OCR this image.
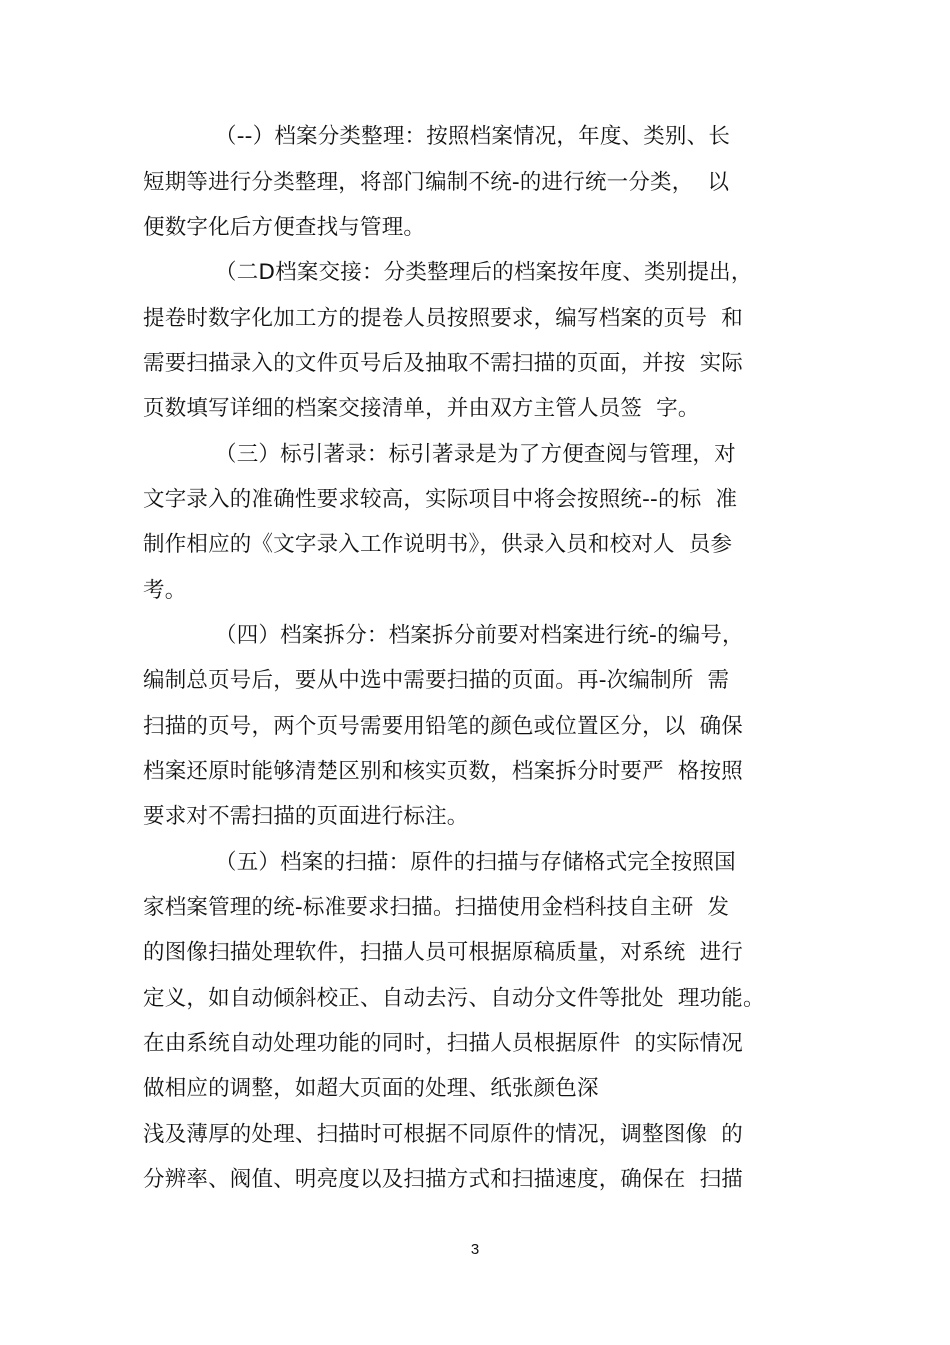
（--）档案分类整理：按照档案情况，年度、类别、长

短期等进行分类整理，将部门编制不统-的进行统一分类，  以

便数字化后方便查找与管理。

（二D档案交接：分类整理后的档案按年度、类别提出，

提卷时数字化加工方的提卷人员按照要求，编写档案的页号  和

需要扫描录入的文件页号后及抽取不需扫描的页面，并按  实际

页数填写详细的档案交接清单，并由双方主管人员签  字。

（三）标引著录：标引著录是为了方便查阅与管理，对

文字录入的准确性要求较高，实际项目中将会按照统--的标  准

制作相应的《文字录入工作说明书》，供录入员和校对人  员参

考。

（四）档案拆分：档案拆分前要对档案进行统-的编号，

编制总页号后，要从中选中需要扫描的页面。再-次编制所  需

扫描的页号，两个页号需要用铅笔的颜色或位置区分，以  确保

档案还原时能够清楚区别和核实页数，档案拆分时要严  格按照

要求对不需扫描的页面进行标注。

（五）档案的扫描：原件的扫描与存储格式完全按照国

家档案管理的统-标准要求扫描。扫描使用金档科技自主研  发

的图像扫描处理软件，扫描人员可根据原稿质量，对系统  进行

定义，如自动倾斜校正、自动去污、自动分文件等批处  理功能。

在由系统自动处理功能的同时，扫描人员根据原件  的实际情况

做相应的调整，如超大页面的处理、纸张颜色深

浅及薄厚的处理、扫描时可根据不同原件的情况，调整图像  的

分辨率、阀值、明亮度以及扫描方式和扫描速度，确保在  扫描

3
